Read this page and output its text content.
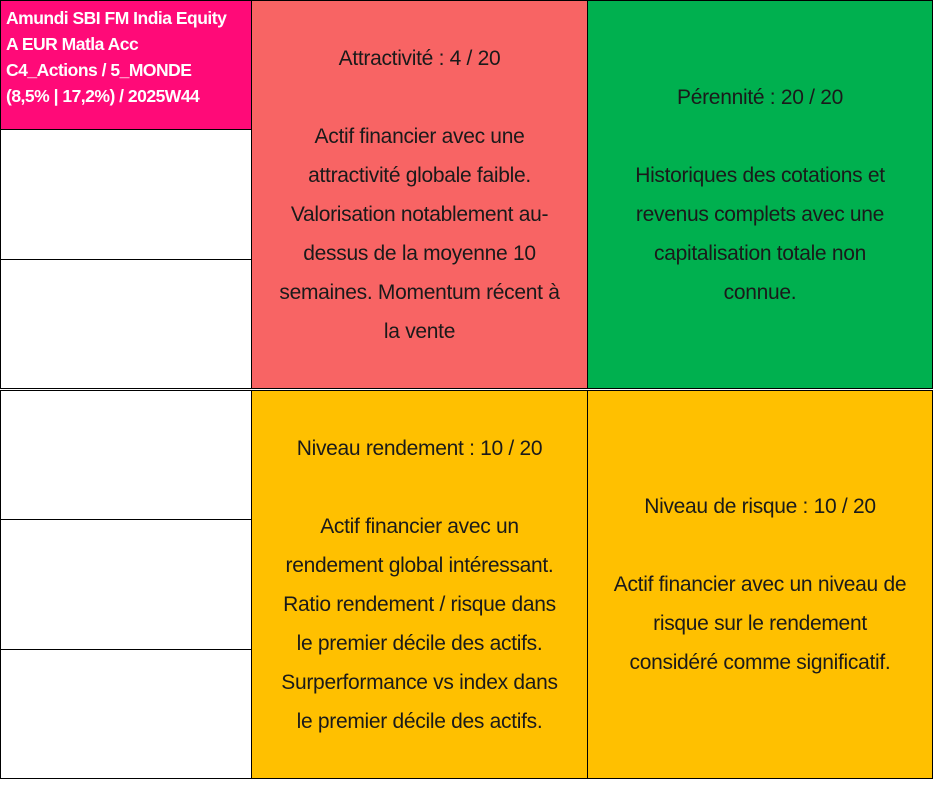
Amundi SBI FM India Equity
A EUR Matla Acc
C4_Actions / 5_MONDE
(8,5% | 17,2%) / 2025W44
Attractivité : 4 / 20
Actif financier avec une
attractivité globale faible.
Valorisation notablement au-
dessus de la moyenne 10
semaines. Momentum récent à
la vente
Pérennité : 20 / 20
Historiques des cotations et
revenus complets avec une
capitalisation totale non
connue.
Niveau rendement : 10 / 20
Actif financier avec un
rendement global intéressant.
Ratio rendement / risque dans
le premier décile des actifs.
Surperformance vs index dans
le premier décile des actifs.
Niveau de risque : 10 / 20
Actif financier avec un niveau de
risque sur le rendement
considéré comme significatif.
